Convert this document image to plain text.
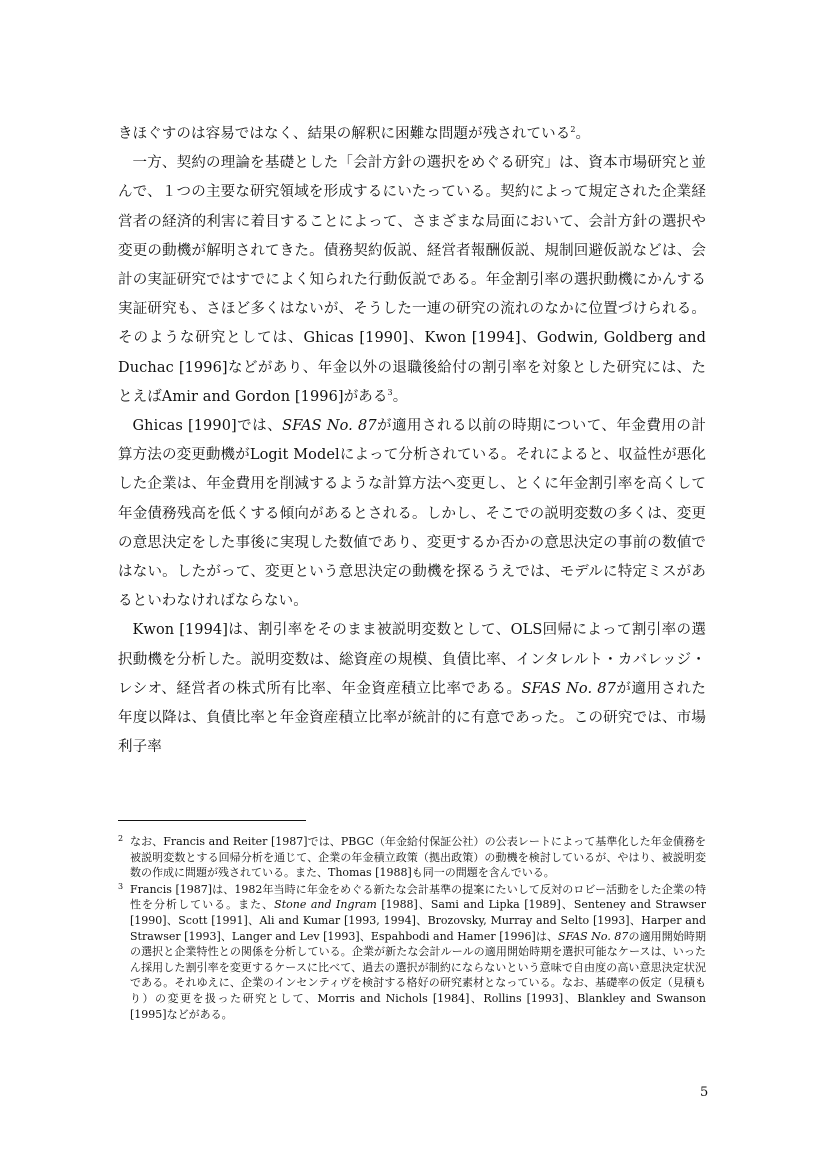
きほぐすのは容易ではなく、結果の解釈に困難な問題が残されている$^2$。

一方、契約の理論を基礎とした「会計方針の選択をめぐる研究」は、資本市場研究と並んで、１つの主要な研究領域を形成するにいたっている。契約によって規定された企業経営者の経済的利害に着目することによって、さまざまな局面において、会計方針の選択や変更の動機が解明されてきた。債務契約仮説、経営者報酬仮説、規制回避仮説などは、会計の実証研究ではすでによく知られた行動仮説である。年金割引率の選択動機にかんする実証研究も、さほど多くはないが、そうした一連の研究の流れのなかに位置づけられる。そのような研究としては、Ghicas [1990]、Kwon [1994]、Godwin, Goldberg and Duchac [1996]などがあり、年金以外の退職後給付の割引率を対象とした研究には、たとえばAmir and Gordon [1996]がある$^3$。

Ghicas [1990]では、SFAS No. 87が適用される以前の時期について、年金費用の計算方法の変更動機がLogit Modelによって分析されている。それによると、収益性が悪化した企業は、年金費用を削減するような計算方法へ変更し、とくに年金割引率を高くして年金債務残高を低くする傾向があるとされる。しかし、そこでの説明変数の多くは、変更の意思決定をした事後に実現した数値であり、変更するか否かの意思決定の事前の数値ではない。したがって、変更という意思決定の動機を探るうえでは、モデルに特定ミスがあるといわなければならない。

Kwon [1994]は、割引率をそのまま被説明変数として、OLS回帰によって割引率の選択動機を分析した。説明変数は、総資産の規模、負債比率、インタレルト・カバレッジ・レシオ、経営者の株式所有比率、年金資産積立比率である。SFAS No. 87が適用された年度以降は、負債比率と年金資産積立比率が統計的に有意であった。この研究では、市場利子率

2 なお、Francis and Reiter [1987]では、PBGC（年金給付保証公社）の公表レートによって基準化した年金債務を被説明変数とする回帰分析を通じて、企業の年金積立政策（拠出政策）の動機を検討しているが、やはり、被説明変数の作成に問題が残されている。また、Thomas [1988]も同一の問題を含んでいる。

3 Francis [1987]は、1982年当時に年金をめぐる新たな会計基準の提案にたいして反対のロビー活動をした企業の特性を分析している。また、Stone and Ingram [1988]、Sami and Lipka [1989]、Senteney and Strawser [1990]、Scott [1991]、Ali and Kumar [1993, 1994]、Brozovsky, Murray and Selto [1993]、Harper and Strawser [1993]、Langer and Lev [1993]、Espahbodi and Hamer [1996]は、SFAS No. 87の適用開始時期の選択と企業特性との関係を分析している。企業が新たな会計ルールの適用開始時期を選択可能なケースは、いったん採用した割引率を変更するケースに比べて、過去の選択が制約にならないという意味で自由度の高い意思決定状況である。それゆえに、企業のインセンティヴを検討する格好の研究素材となっている。なお、基礎率の仮定（見積もり）の変更を扱った研究として、Morris and Nichols [1984]、Rollins [1993]、Blankley and Swanson [1995]などがある。

5
